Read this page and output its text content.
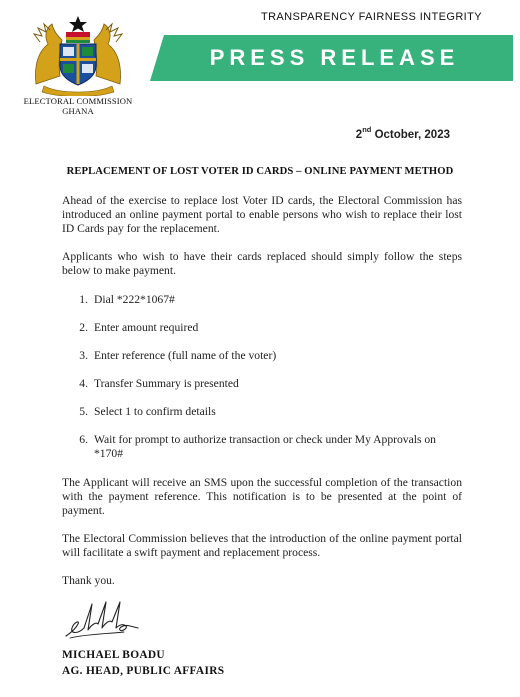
TRANSPARENCY FAIRNESS INTEGRITY
PRESS RELEASE
ELECTORAL COMMISSION
GHANA
2nd October, 2023
REPLACEMENT OF LOST VOTER ID CARDS – ONLINE PAYMENT METHOD

Ahead of the exercise to replace lost Voter ID cards, the Electoral Commission has introduced an online payment portal to enable persons who wish to replace their lost ID Cards pay for the replacement.

Applicants who wish to have their cards replaced should simply follow the steps below to make payment.

1. Dial *222*1067#
2. Enter amount required
3. Enter reference (full name of the voter)
4. Transfer Summary is presented
5. Select 1 to confirm details
6. Wait for prompt to authorize transaction or check under My Approvals on *170#

The Applicant will receive an SMS upon the successful completion of the transaction with the payment reference. This notification is to be presented at the point of payment.

The Electoral Commission believes that the introduction of the online payment portal will facilitate a swift payment and replacement process.

Thank you.

MICHAEL BOADU
AG. HEAD, PUBLIC AFFAIRS
